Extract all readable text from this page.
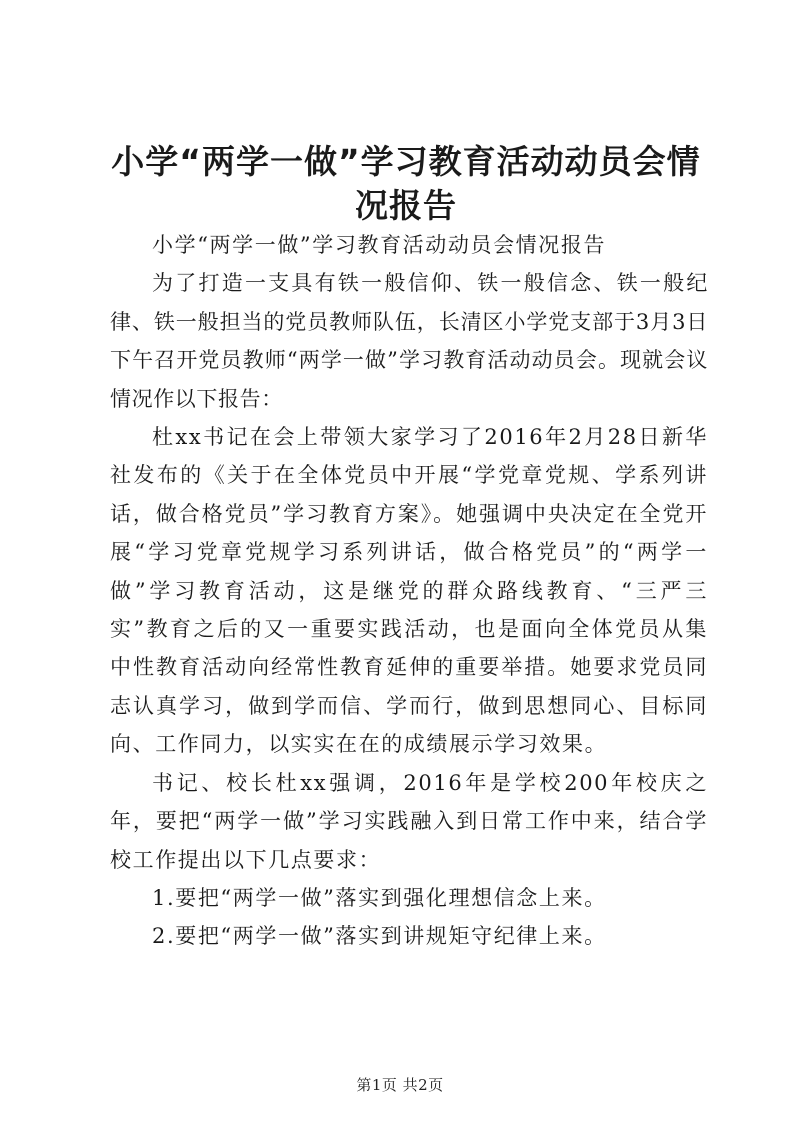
小学“两学一做”学习教育活动动员会情况报告

小学“两学一做”学习教育活动动员会情况报告

为了打造一支具有铁一般信仰、铁一般信念、铁一般纪律、铁一般担当的党员教师队伍，长清区小学党支部于3月3日下午召开党员教师“两学一做”学习教育活动动员会。现就会议情况作以下报告：

杜xx书记在会上带领大家学习了2016年2月28日新华社发布的《关于在全体党员中开展“学党章党规、学系列讲话，做合格党员”学习教育方案》。她强调中央决定在全党开展“学习党章党规学习系列讲话，做合格党员”的“两学一做”学习教育活动，这是继党的群众路线教育、“三严三实”教育之后的又一重要实践活动，也是面向全体党员从集中性教育活动向经常性教育延伸的重要举措。她要求党员同志认真学习，做到学而信、学而行，做到思想同心、目标同向、工作同力，以实实在在的成绩展示学习效果。

书记、校长杜xx强调，2016年是学校200年校庆之年，要把“两学一做”学习实践融入到日常工作中来，结合学校工作提出以下几点要求：

1.要把“两学一做”落实到强化理想信念上来。

2.要把“两学一做”落实到讲规矩守纪律上来。

第1页 共2页
